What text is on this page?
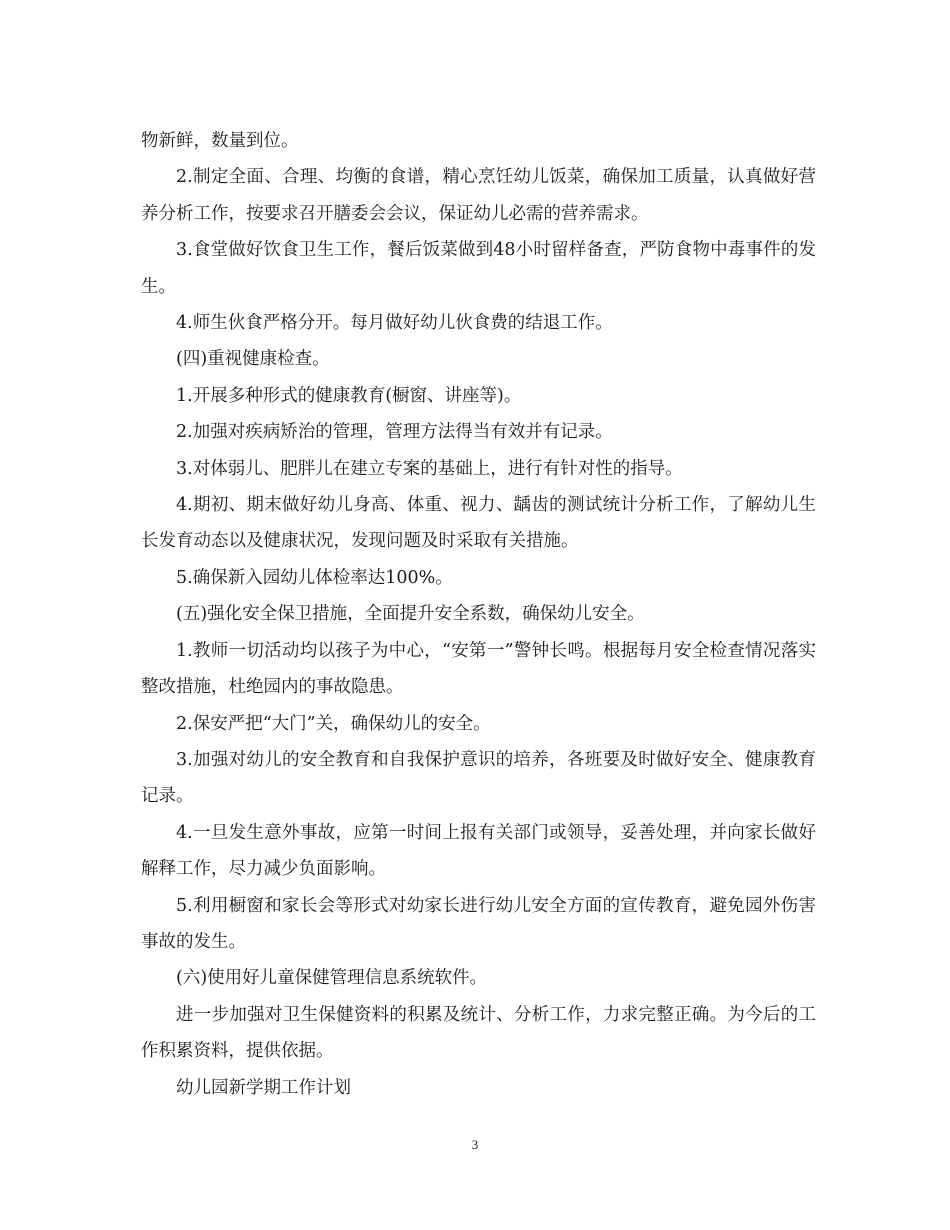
物新鲜，数量到位。

2.制定全面、合理、均衡的食谱，精心烹饪幼儿饭菜，确保加工质量，认真做好营养分析工作，按要求召开膳委会会议，保证幼儿必需的营养需求。

3.食堂做好饮食卫生工作，餐后饭菜做到48小时留样备查，严防食物中毒事件的发生。

4.师生伙食严格分开。每月做好幼儿伙食费的结退工作。

(四)重视健康检查。

1.开展多种形式的健康教育(橱窗、讲座等)。

2.加强对疾病矫治的管理，管理方法得当有效并有记录。

3.对体弱儿、肥胖儿在建立专案的基础上，进行有针对性的指导。

4.期初、期末做好幼儿身高、体重、视力、龋齿的测试统计分析工作，了解幼儿生长发育动态以及健康状况，发现问题及时采取有关措施。

5.确保新入园幼儿体检率达100%。

(五)强化安全保卫措施，全面提升安全系数，确保幼儿安全。

1.教师一切活动均以孩子为中心，“安第一”警钟长鸣。根据每月安全检查情况落实整改措施，杜绝园内的事故隐患。

2.保安严把“大门”关，确保幼儿的安全。

3.加强对幼儿的安全教育和自我保护意识的培养，各班要及时做好安全、健康教育记录。

4.一旦发生意外事故，应第一时间上报有关部门或领导，妥善处理，并向家长做好解释工作，尽力减少负面影响。

5.利用橱窗和家长会等形式对幼家长进行幼儿安全方面的宣传教育，避免园外伤害事故的发生。

(六)使用好儿童保健管理信息系统软件。

进一步加强对卫生保健资料的积累及统计、分析工作，力求完整正确。为今后的工作积累资料，提供依据。

幼儿园新学期工作计划

3
